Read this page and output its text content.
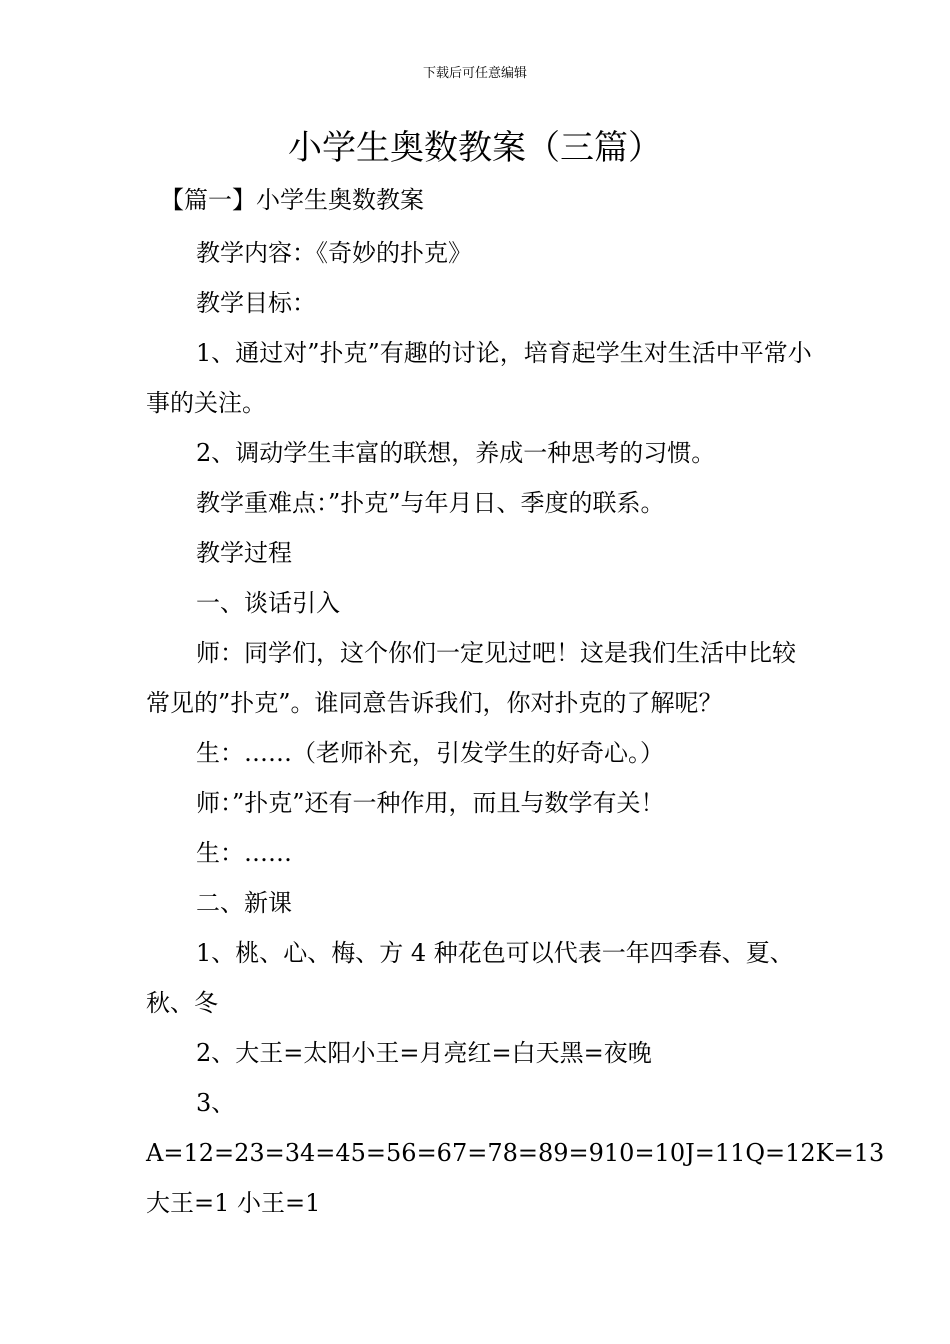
下载后可任意编辑
小学生奥数教案（三篇）
【篇一】小学生奥数教案

教学内容：《奇妙的扑克》

教学目标：

1、通过对”扑克”有趣的讨论，培育起学生对生活中平常小事的关注。

2、调动学生丰富的联想，养成一种思考的习惯。

教学重难点：”扑克”与年月日、季度的联系。

教学过程

一、谈话引入

师：同学们，这个你们一定见过吧！这是我们生活中比较常见的”扑克”。谁同意告诉我们，你对扑克的了解呢？

生：……（老师补充，引发学生的好奇心。）

师：”扑克”还有一种作用，而且与数学有关！

生：……

二、新课

1、桃、心、梅、方 4 种花色可以代表一年四季春、夏、秋、冬

2、大王=太阳小王=月亮红=白天黑=夜晚

3、A=12=23=34=45=56=67=78=89=910=10J=11Q=12K=13 大王=1 小王=1
